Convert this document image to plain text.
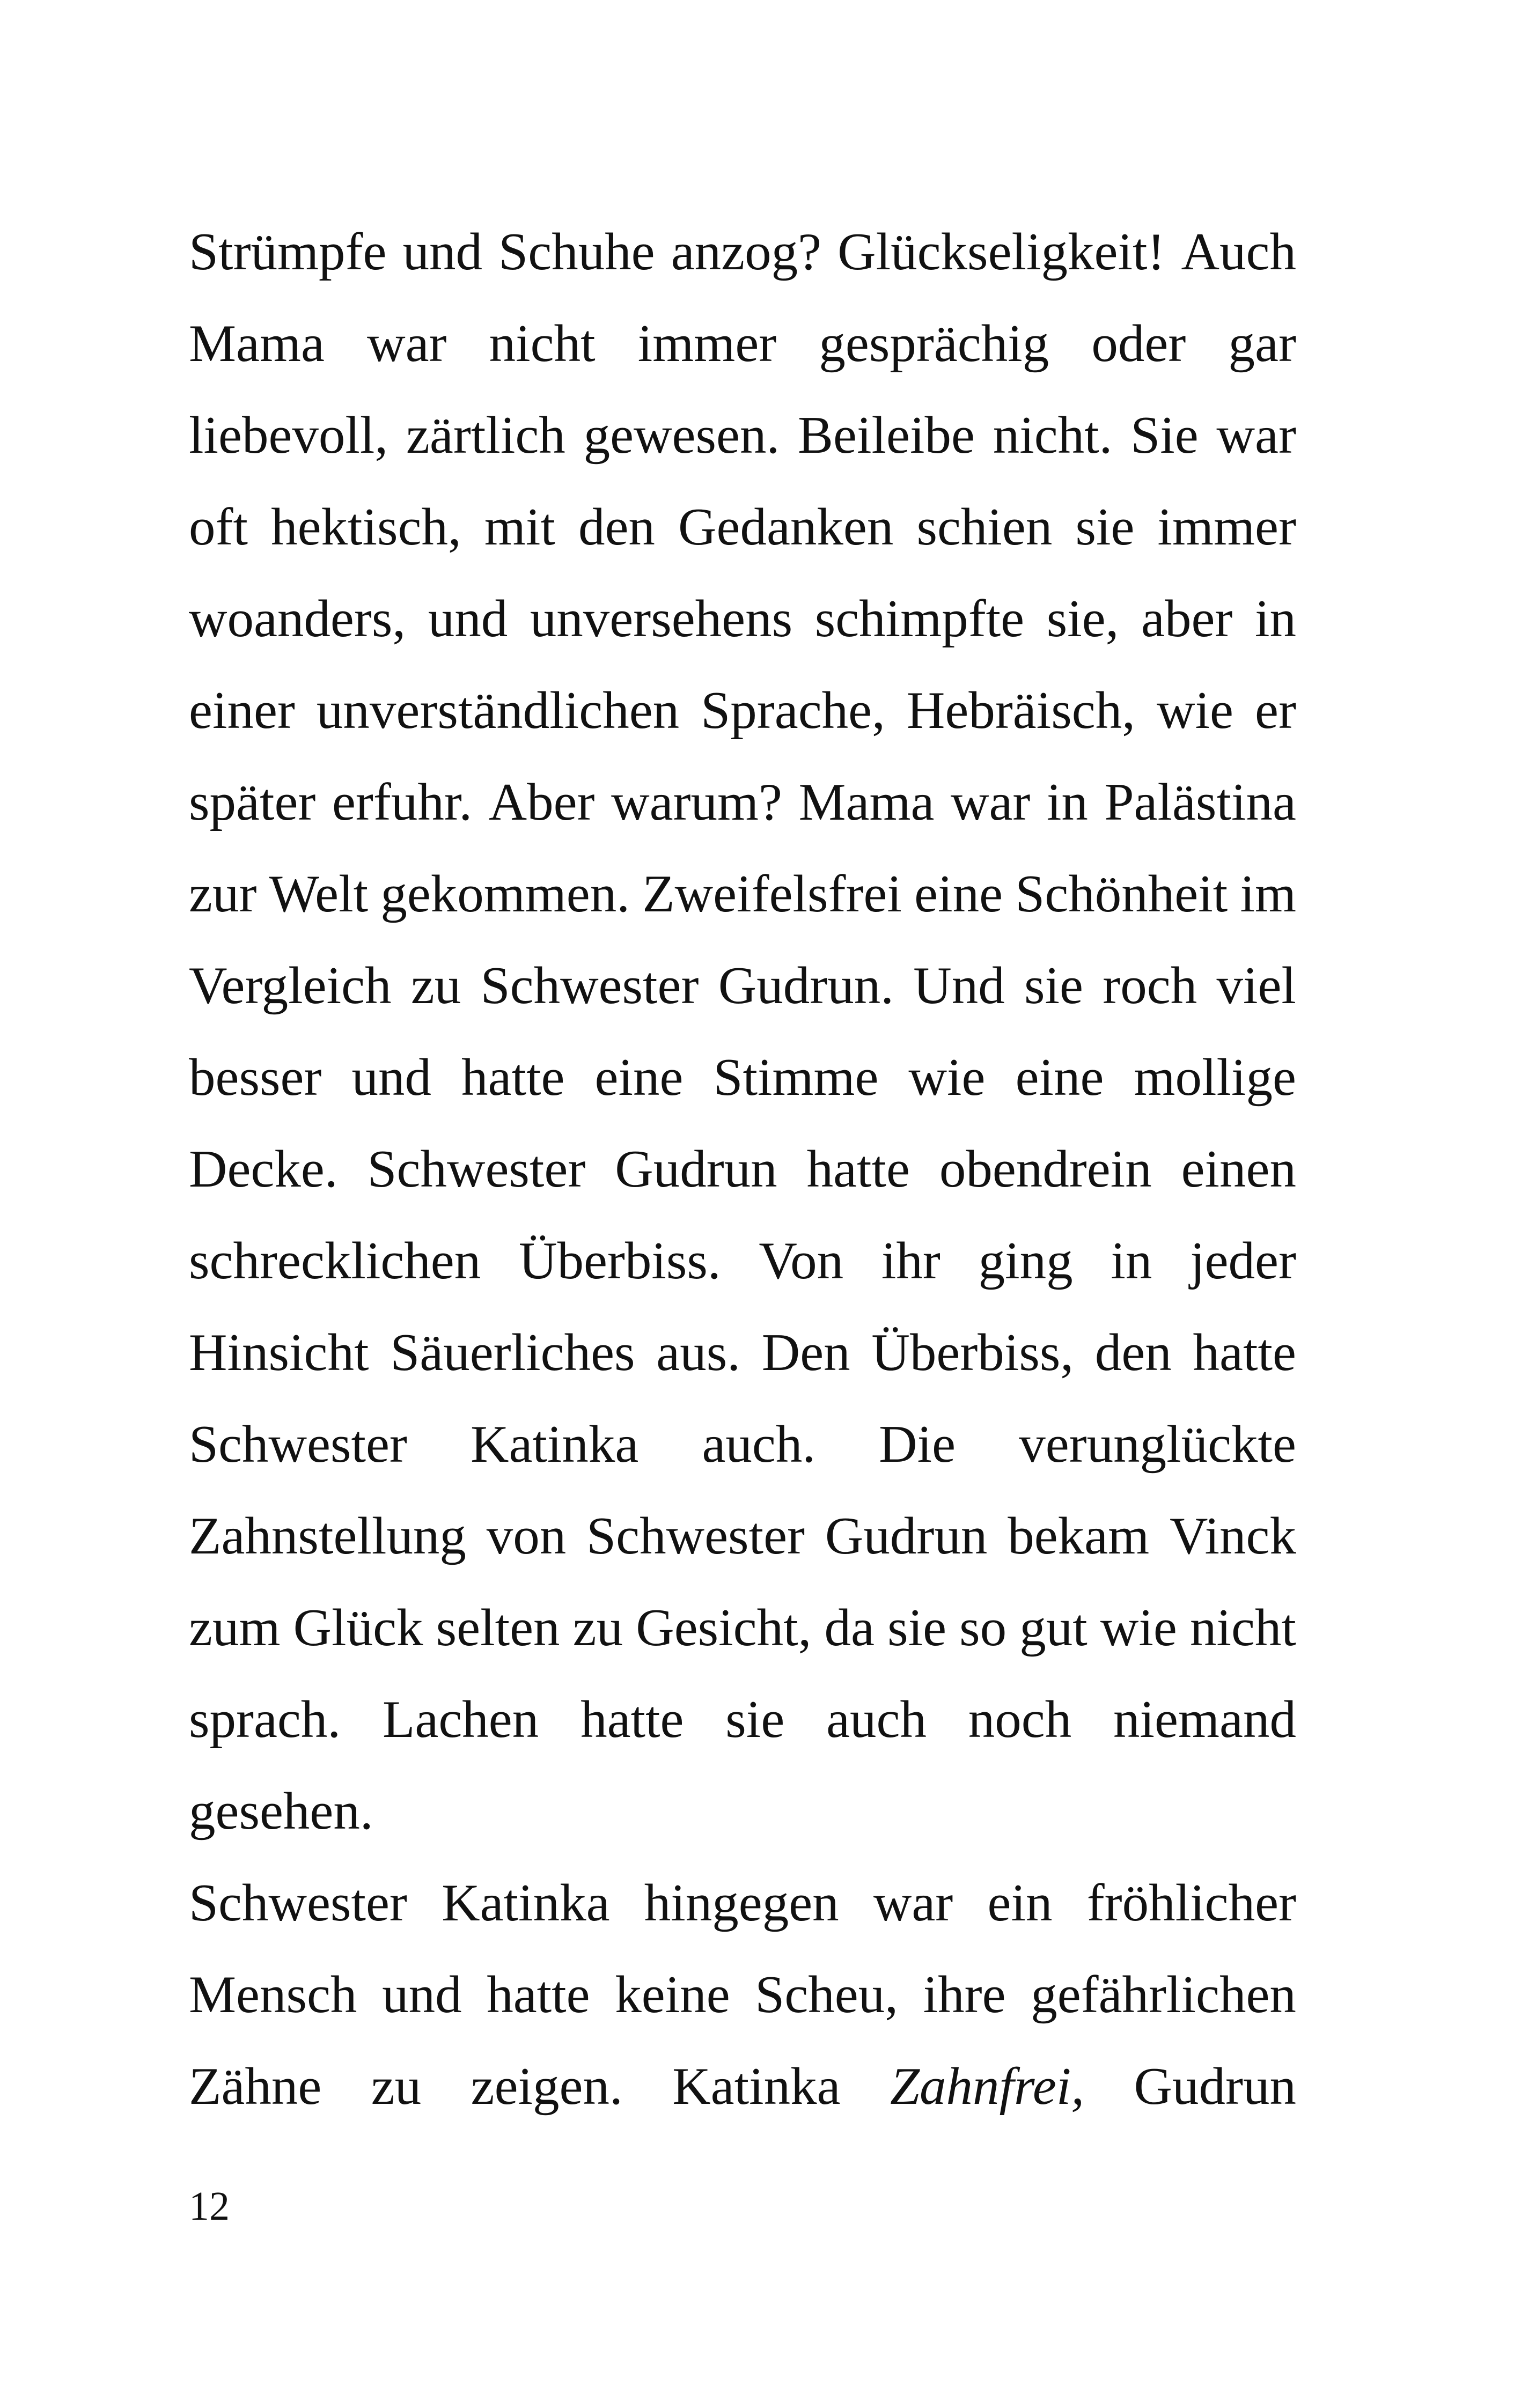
Strümpfe und Schuhe anzog? Glückseligkeit! Auch
Mama war nicht immer gesprächig oder gar
liebevoll, zärtlich gewesen. Beileibe nicht. Sie war
oft hektisch, mit den Gedanken schien sie immer
woanders, und unversehens schimpfte sie, aber in
einer unverständlichen Sprache, Hebräisch, wie er
später erfuhr. Aber warum? Mama war in Palästina
zur Welt gekommen. Zweifelsfrei eine Schönheit im
Vergleich zu Schwester Gudrun. Und sie roch viel
besser und hatte eine Stimme wie eine mollige
Decke. Schwester Gudrun hatte obendrein einen
schrecklichen Überbiss. Von ihr ging in jeder
Hinsicht Säuerliches aus. Den Überbiss, den hatte
Schwester Katinka auch. Die verunglückte
Zahnstellung von Schwester Gudrun bekam Vinck
zum Glück selten zu Gesicht, da sie so gut wie nicht
sprach. Lachen hatte sie auch noch niemand
gesehen.
Schwester Katinka hingegen war ein fröhlicher
Mensch und hatte keine Scheu, ihre gefährlichen
Zähne zu zeigen. Katinka Zahnfrei, Gudrun
12
